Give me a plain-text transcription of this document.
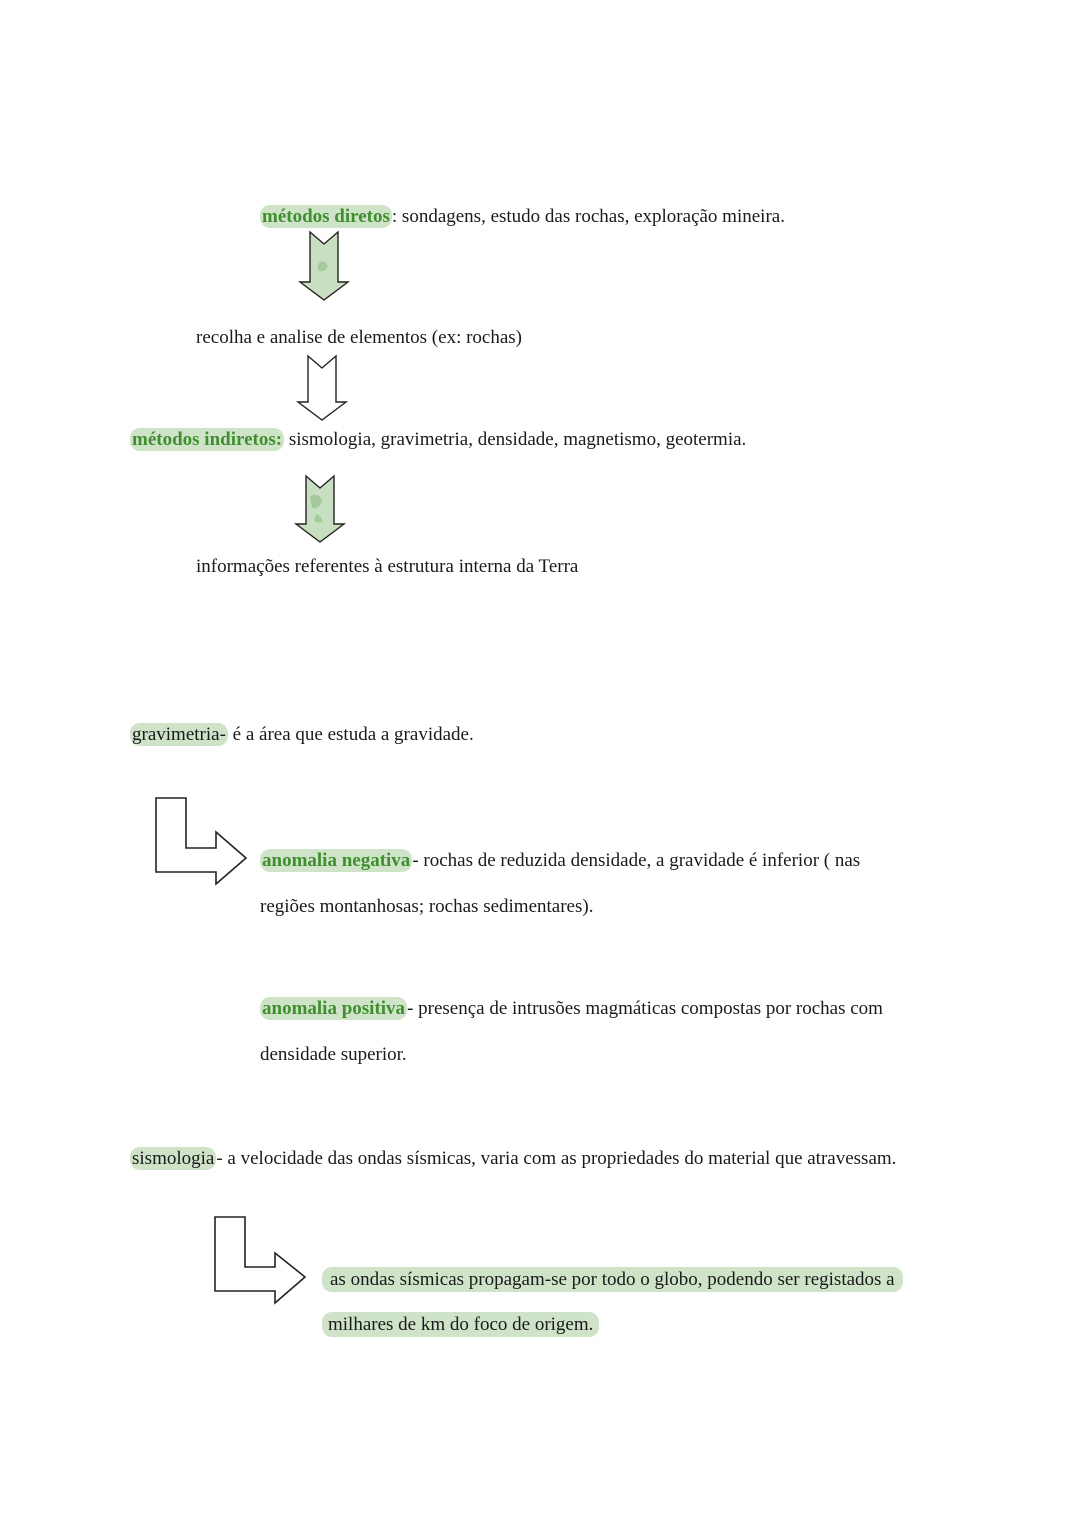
métodos diretos : sondagens, estudo das rochas, exploração mineira.
recolha e analise de elementos (ex: rochas)
métodos indiretos: sismologia, gravimetria, densidade, magnetismo, geotermia.
informações referentes à estrutura interna da Terra
gravimetria- é a área que estuda a gravidade.
anomalia negativa - rochas de reduzida densidade, a gravidade é inferior ( nas
regiões montanhosas; rochas sedimentares).
anomalia positiva - presença de intrusões magmáticas compostas por rochas com
densidade superior.
sismologia - a velocidade das ondas sísmicas, varia com as propriedades do material que atravessam.
as ondas sísmicas propagam-se por todo o globo, podendo ser registados a
milhares de km do foco de origem.
